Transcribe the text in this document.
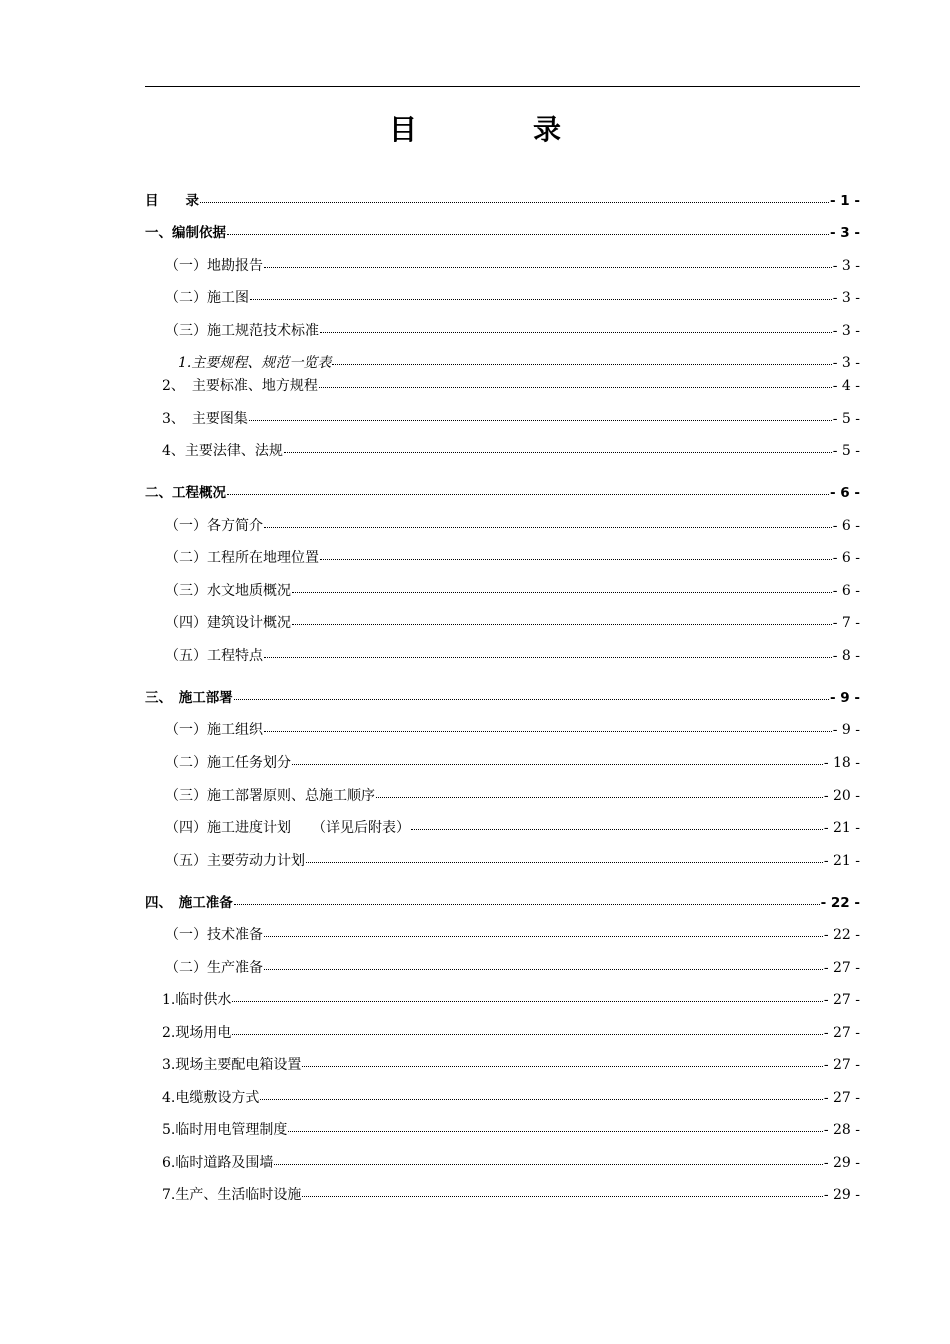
目　录
目　　录	- 1 -
一、编制依据	- 3 -
（一）地勘报告	- 3 -
（二）施工图	- 3 -
（三）施工规范技术标准	- 3 -
1.主要规程、规范一览表	- 3 -
2、　主要标准、地方规程	- 4 -
3、　主要图集	- 5 -
4、主要法律、法规	- 5 -
二、工程概况	- 6 -
（一）各方简介	- 6 -
（二）工程所在地理位置	- 6 -
（三）水文地质概况	- 6 -
（四）建筑设计概况	- 7 -
（五）工程特点	- 8 -
三、　施工部署	- 9 -
（一）施工组织	- 9 -
（二）施工任务划分	- 18 -
（三）施工部署原则、总施工顺序	- 20 -
（四）施工进度计划　　（详见后附表）	- 21 -
（五）主要劳动力计划	- 21 -
四、　施工准备	- 22 -
（一）技术准备	- 22 -
（二）生产准备	- 27 -
1.临时供水	- 27 -
2.现场用电	- 27 -
3.现场主要配电箱设置	- 27 -
4.电缆敷设方式	- 27 -
5.临时用电管理制度	- 28 -
6.临时道路及围墙	- 29 -
7.生产、生活临时设施	- 29 -
